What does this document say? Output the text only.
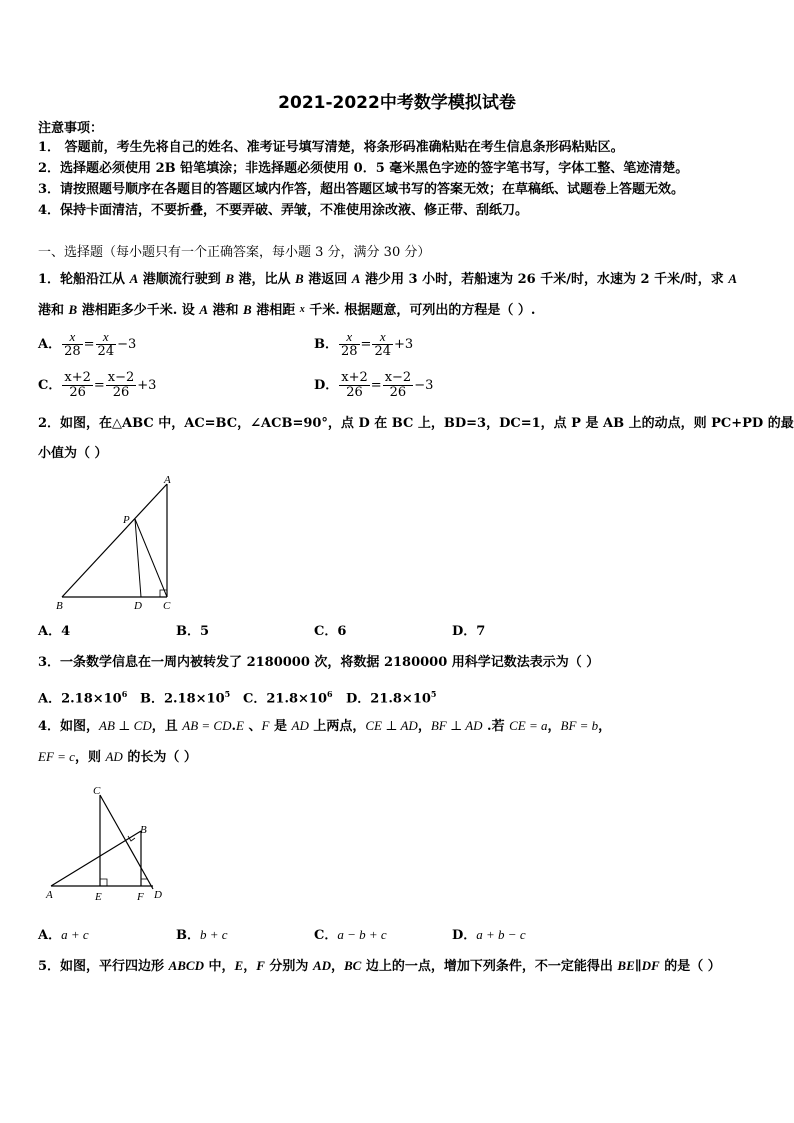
2021-2022中考数学模拟试卷
注意事项：
1． 答题前，考生先将自己的姓名、准考证号填写清楚，将条形码准确粘贴在考生信息条形码粘贴区。
2．选择题必须使用 2B 铅笔填涂；非选择题必须使用 0．5 毫米黑色字迹的签字笔书写，字体工整、笔迹清楚。
3．请按照题号顺序在各题目的答题区域内作答，超出答题区域书写的答案无效；在草稿纸、试题卷上答题无效。
4．保持卡面清洁，不要折叠，不要弄破、弄皱，不准使用涂改液、修正带、刮纸刀。
一、选择题（每小题只有一个正确答案，每小题 3 分，满分 30 分）
1．轮船沿江从 A 港顺流行驶到 B 港，比从 B 港返回 A 港少用 3 小时，若船速为 26 千米/时，水速为 2 千米/时，求 A
港和 B 港相距多少千米. 设 A 港和 B 港相距 $^x$ 千米. 根据题意，可列出的方程是（ ）.
A． $\frac{x}{28} = \frac{x}{24} -3$	B． $\frac{x}{28} = \frac{x}{24} +3$
C． $\frac{x+2}{26} = \frac{x-2}{26} +3$	D． $\frac{x+2}{26} = \frac{x-2}{26} -3$
2．如图，在△ABC 中，AC=BC，∠ACB=90°，点 D 在 BC 上，BD=3，DC=1，点 P 是 AB 上的动点，则 PC+PD 的最
小值为（ ）
A
P
B	D C
A．4	B．5	C．6	D．7
3．一条数学信息在一周内被转发了 2180000 次，将数据 2180000 用科学记数法表示为（ ）
A．$2.18\times 10^6$ B．$2.18\times 10^5$ C．$21.8\times 10^6$ D．$21.8\times 10^5$
4．如图，AB ⊥ CD，且 AB = CD.E 、F 是 AD 上两点，CE ⊥ AD，BF ⊥ AD .若 CE = a，BF = b，
EF = c，则 AD 的长为（ ）
C
B
A	E	F D
A．a + c	B．b + c	C．a − b + c	D．a + b − c
5．如图，平行四边形 ABCD 中，E，F 分别为 AD，BC 边上的一点，增加下列条件，不一定能得出 BE∥DF 的是（ ）
